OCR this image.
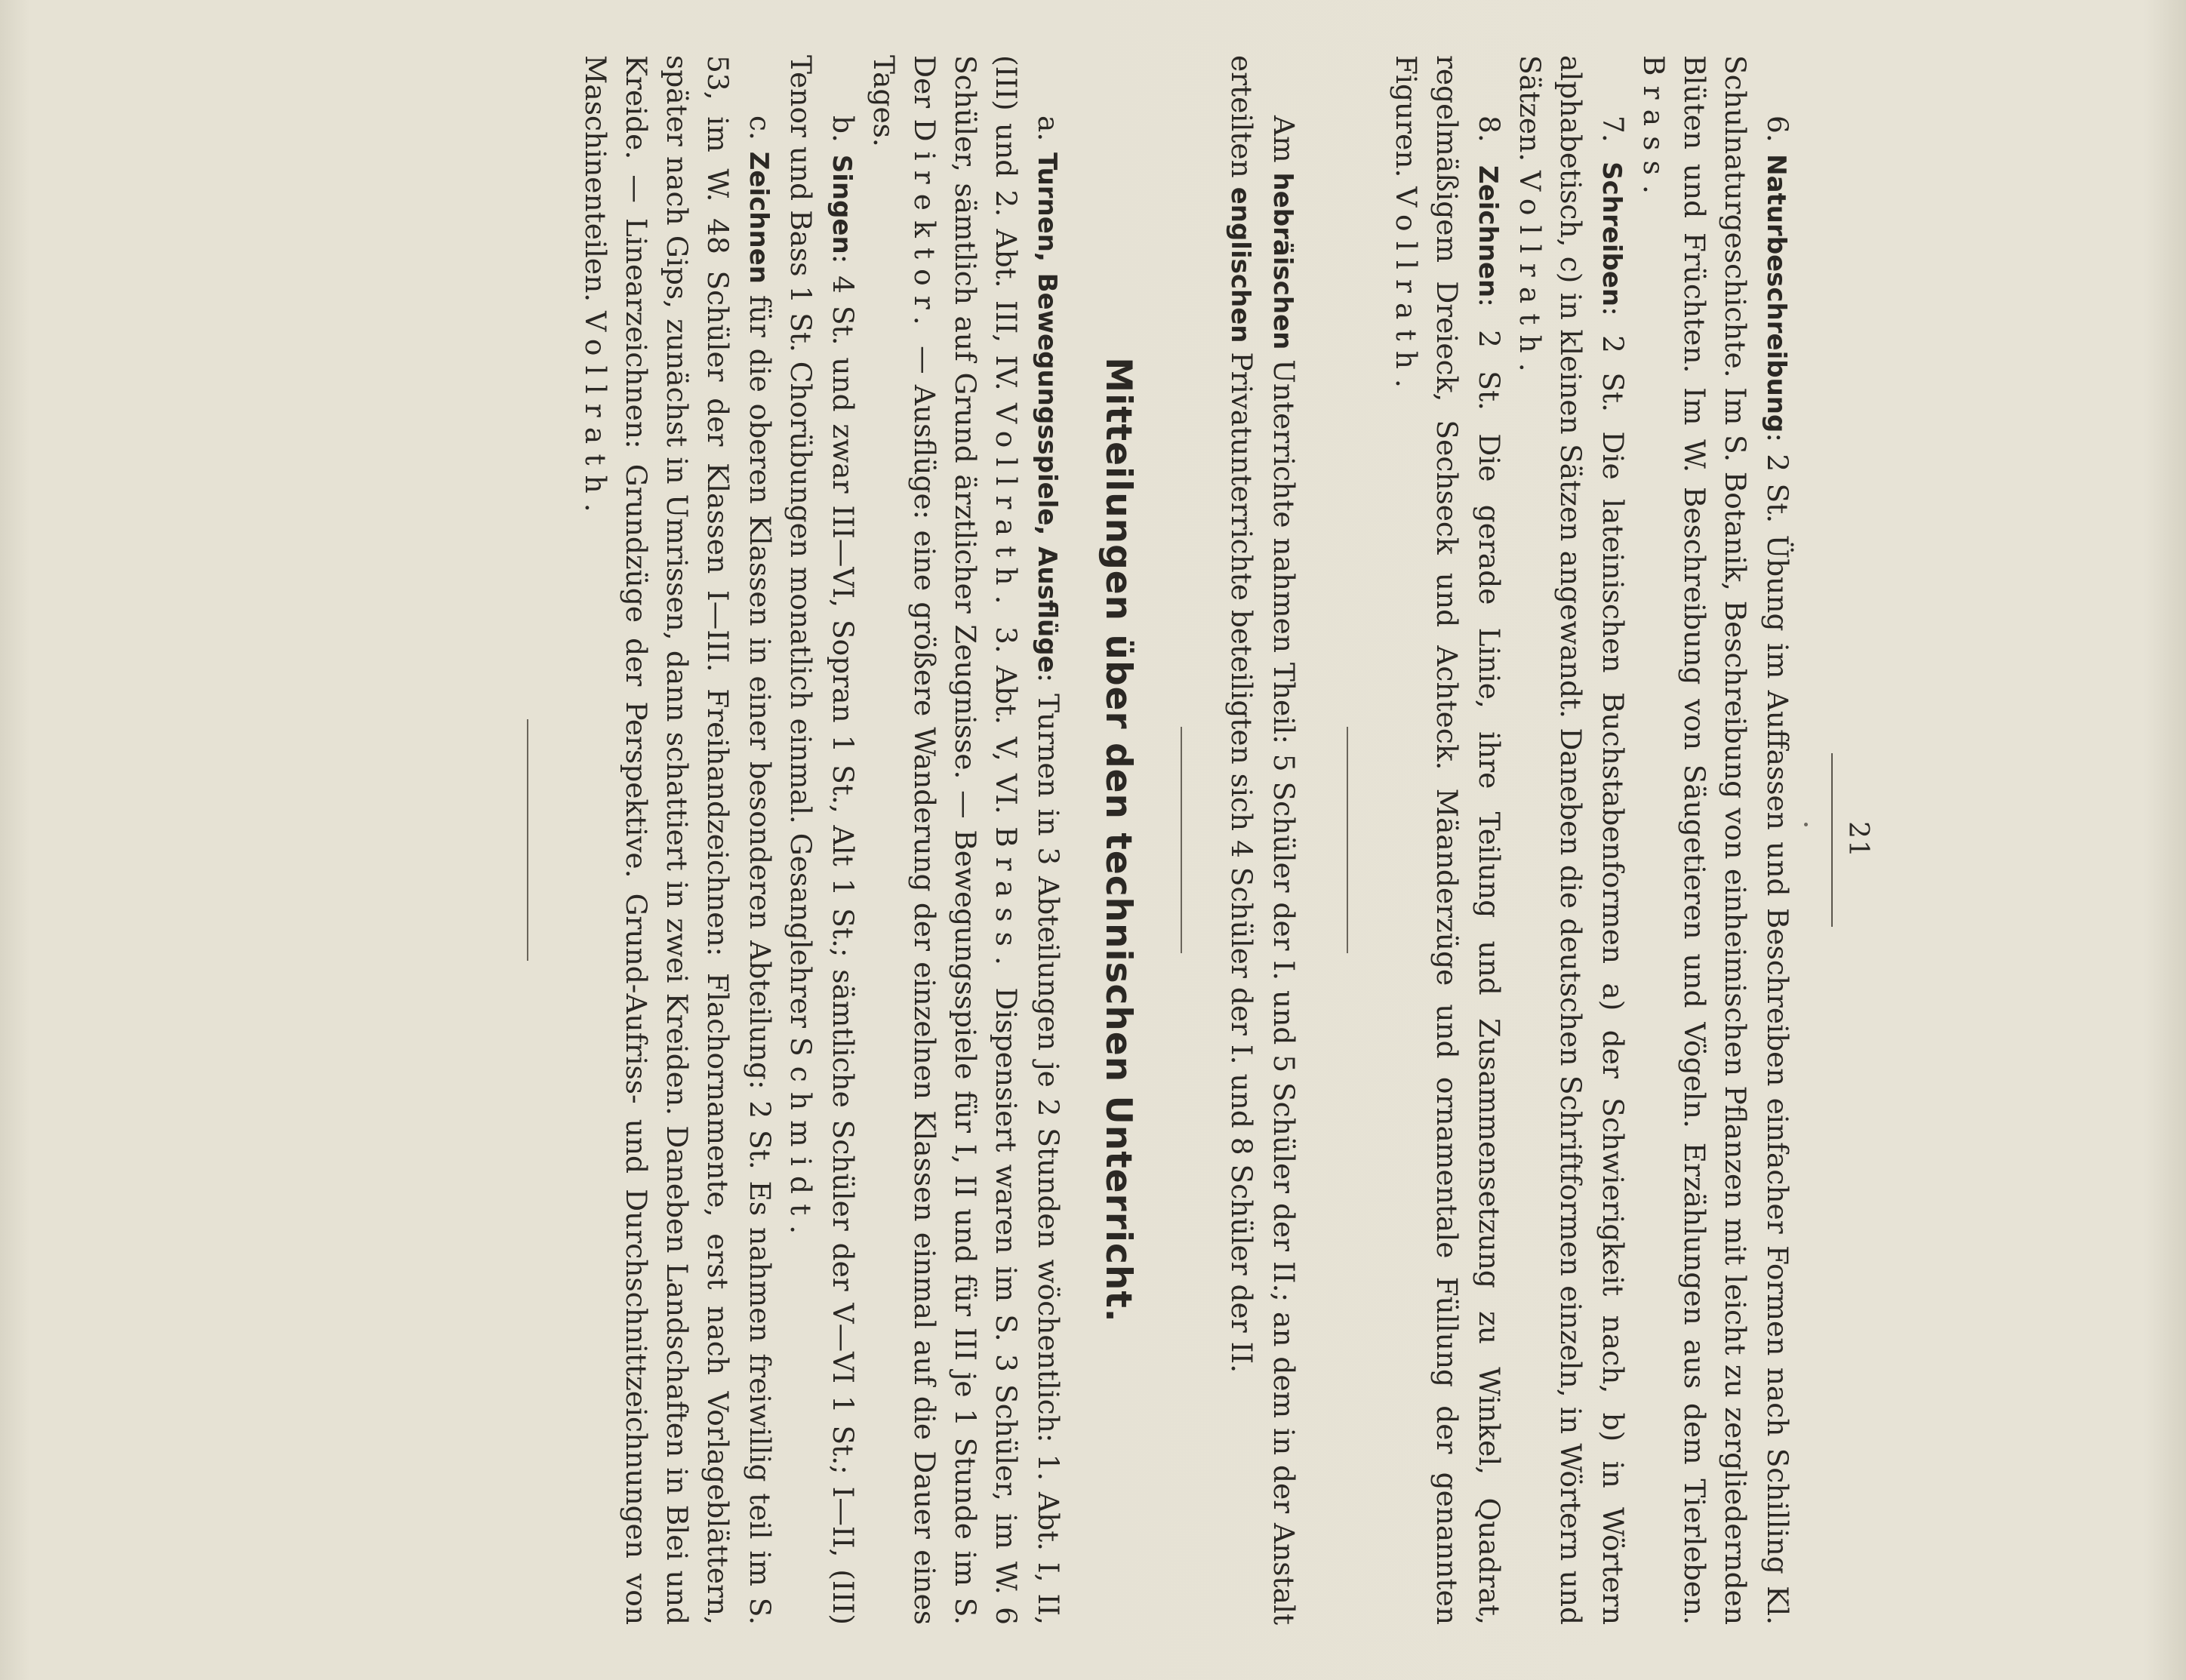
21

6. Naturbeschreibung: 2 St. Übung im Auffassen und Beschreiben einfacher Formen nach Schilling Kl. Schulnaturgeschichte. Im S. Botanik, Beschreibung von einheimischen Pflanzen mit leicht zu zergliedernden Blüten und Früchten. Im W. Beschreibung von Säugetieren und Vögeln. Erzählungen aus dem Tierleben. Brass.

7. Schreiben: 2 St. Die lateinischen Buchstabenformen a) der Schwierigkeit nach, b) in Wörtern alphabetisch, c) in kleinen Sätzen angewandt. Daneben die deutschen Schriftformen einzeln, in Wörtern und Sätzen. Vollrath.

8. Zeichnen: 2 St. Die gerade Linie, ihre Teilung und Zusammensetzung zu Winkel, Quadrat, regelmäßigem Dreieck, Sechseck und Achteck. Mäanderzüge und ornamentale Füllung der genannten Figuren. Vollrath.

Am hebräischen Unterrichte nahmen Theil: 5 Schüler der I. und 5 Schüler der II.; an dem in der Anstalt erteilten englischen Privatunterrichte beteiligten sich 4 Schüler der I. und 8 Schüler der II.

Mitteilungen über den technischen Unterricht.

a. Turnen, Bewegungsspiele, Ausflüge: Turnen in 3 Abteilungen je 2 Stunden wöchentlich: 1. Abt. I, II, (III) und 2. Abt. III, IV. Vollrath. 3. Abt. V, VI. Brass. Dispensiert waren im S. 3 Schüler, im W. 6 Schüler, sämtlich auf Grund ärztlicher Zeugnisse. — Bewegungsspiele für I, II und für III je 1 Stunde im S. Der Direktor. — Ausflüge: eine größere Wanderung der einzelnen Klassen einmal auf die Dauer eines Tages.

b. Singen: 4 St. und zwar III—VI, Sopran 1 St., Alt 1 St.; sämtliche Schüler der V—VI 1 St.; I—II, (III) Tenor und Bass 1 St. Chorübungen monatlich einmal. Gesanglehrer Schmidt.

c. Zeichnen für die oberen Klassen in einer besonderen Abteilung: 2 St. Es nahmen freiwillig teil im S. 53, im W. 48 Schüler der Klassen I—III. Freihandzeichnen: Flachornamente, erst nach Vorlageblättern, später nach Gips, zunächst in Umrissen, dann schattiert in zwei Kreiden. Daneben Landschaften in Blei und Kreide. — Linearzeichnen: Grundzüge der Perspektive. Grund-Aufriss- und Durchschnittzeichnungen von Maschinenteilen. Vollrath.
